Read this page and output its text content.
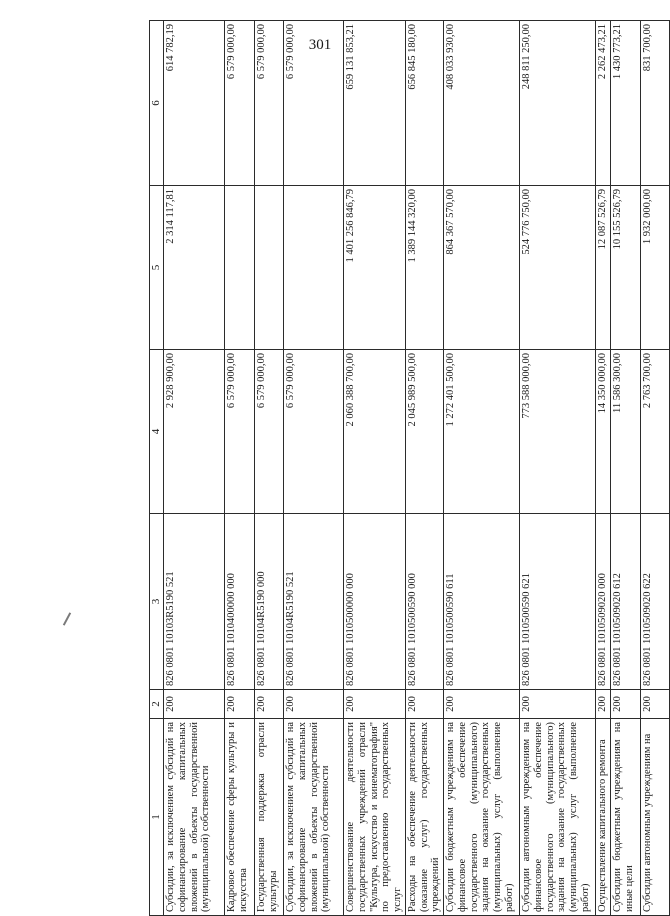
301
1	2	3	4	5	6
Субсидии, за исключением субсидий на софинансирование капитальных вложений в объекты государственной (муниципальной) собственности	200	826 0801 10103R5190 521	2 928 900,00	2 314 117,81	614 782,19
Кадровое обеспечение сферы культуры и искусства	200	826 0801 1010400000 000	6 579 000,00		6 579 000,00
Государственная поддержка отрасли культуры	200	826 0801 10104R5190 000	6 579 000,00		6 579 000,00
Субсидии, за исключением субсидий на софинансирование капитальных вложений в объекты государственной (муниципальной) собственности	200	826 0801 10104R5190 521	6 579 000,00		6 579 000,00
Совершенствование деятельности государственных учреждений отрасли "Культура, искусство и кинематография" по предоставлению государственных услуг	200	826 0801 1010500000 000	2 060 388 700,00	1 401 256 846,79	659 131 853,21
Расходы на обеспечение деятельности (оказание услуг) государственных учреждений	200	826 0801 1010500590 000	2 045 989 500,00	1 389 144 320,00	656 845 180,00
Субсидии бюджетным учреждениям на финансовое обеспечение государственного (муниципального) задания на оказание государственных (муниципальных) услуг (выполнение работ)	200	826 0801 1010500590 611	1 272 401 500,00	864 367 570,00	408 033 930,00
Субсидии автономным учреждениям на финансовое обеспечение государственного (муниципального) задания на оказание государственных (муниципальных) услуг (выполнение работ)	200	826 0801 1010500590 621	773 588 000,00	524 776 750,00	248 811 250,00
Осуществление капитального ремонта	200	826 0801 1010509020 000	14 350 000,00	12 087 526,79	2 262 473,21
Субсидии бюджетным учреждениям на иные цели	200	826 0801 1010509020 612	11 586 300,00	10 155 526,79	1 430 773,21
Субсидии автономным учреждениям на	200	826 0801 1010509020 622	2 763 700,00	1 932 000,00	831 700,00
